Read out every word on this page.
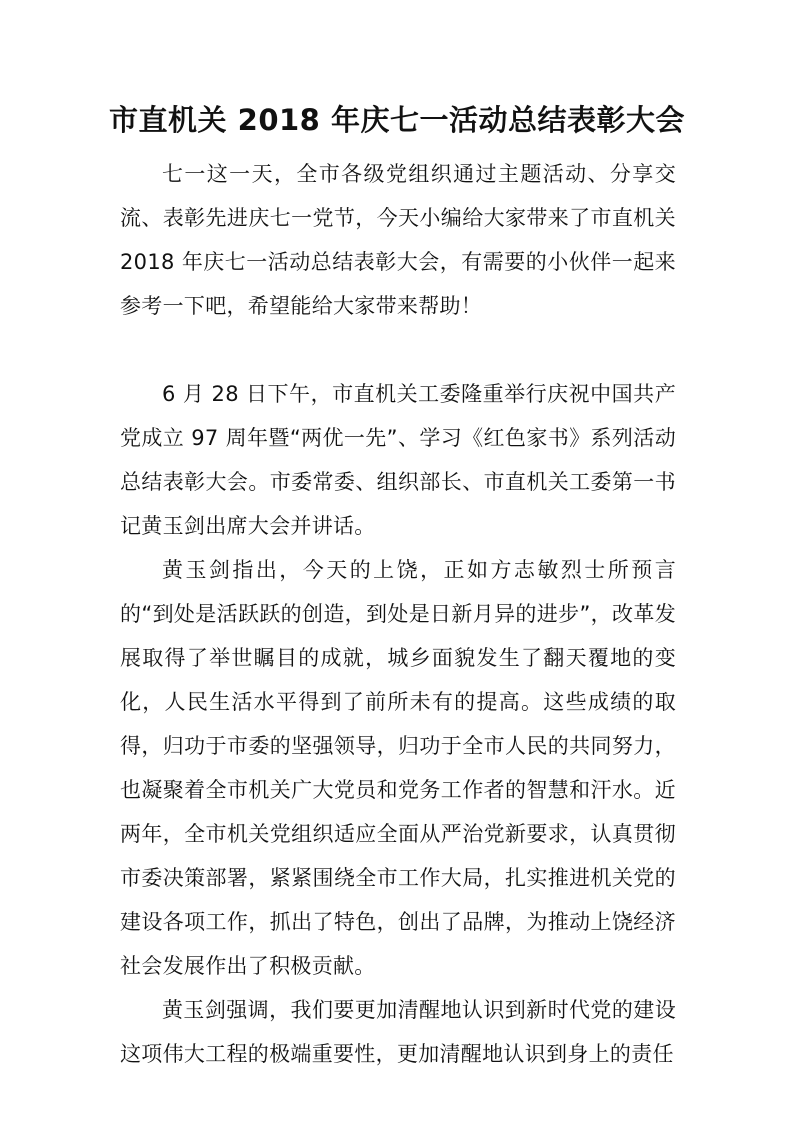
市直机关 2018 年庆七一活动总结表彰大会

七一这一天，全市各级党组织通过主题活动、分享交流、表彰先进庆七一党节，今天小编给大家带来了市直机关 2018 年庆七一活动总结表彰大会，有需要的小伙伴一起来参考一下吧，希望能给大家带来帮助！

6 月 28 日下午，市直机关工委隆重举行庆祝中国共产党成立 97 周年暨“两优一先”、学习《红色家书》系列活动总结表彰大会。市委常委、组织部长、市直机关工委第一书记黄玉剑出席大会并讲话。

黄玉剑指出，今天的上饶，正如方志敏烈士所预言的“到处是活跃跃的创造，到处是日新月异的进步”，改革发展取得了举世瞩目的成就，城乡面貌发生了翻天覆地的变化，人民生活水平得到了前所未有的提高。这些成绩的取得，归功于市委的坚强领导，归功于全市人民的共同努力，也凝聚着全市机关广大党员和党务工作者的智慧和汗水。近两年，全市机关党组织适应全面从严治党新要求，认真贯彻市委决策部署，紧紧围绕全市工作大局，扎实推进机关党的建设各项工作，抓出了特色，创出了品牌，为推动上饶经济社会发展作出了积极贡献。

黄玉剑强调，我们要更加清醒地认识到新时代党的建设这项伟大工程的极端重要性，更加清醒地认识到身上的责任
